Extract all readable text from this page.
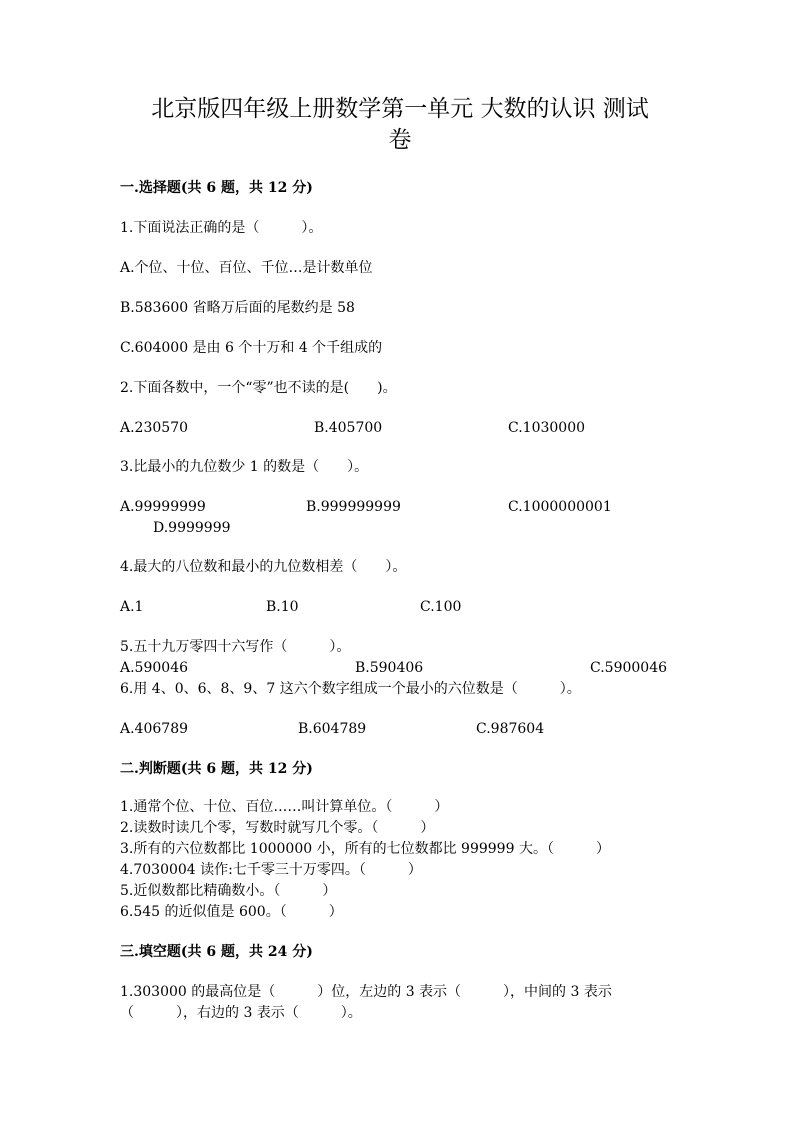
北京版四年级上册数学第一单元 大数的认识 测试
卷
一.选择题(共 6 题，共 12 分)
1.下面说法正确的是（　　　）。
A.个位、十位、百位、千位…是计数单位
B.583600 省略万后面的尾数约是 58
C.604000 是由 6 个十万和 4 个千组成的
2.下面各数中，一个“零”也不读的是(　　)。
A.230570	B.405700	C.1030000
3.比最小的九位数少 1 的数是（　　）。
A.99999999	B.999999999	C.1000000001
D.9999999
4.最大的八位数和最小的九位数相差（　　）。
A.1	B.10	C.100
5.五十九万零四十六写作（　　　）。
A.590046	B.590406	C.5900046
6.用 4、0、6、8、9、7 这六个数字组成一个最小的六位数是（　　　）。
A.406789	B.604789	C.987604
二.判断题(共 6 题，共 12 分)
1.通常个位、十位、百位……叫计算单位。（　　　）
2.读数时读几个零，写数时就写几个零。（　　　）
3.所有的六位数都比 1000000 小，所有的七位数都比 999999 大。（　　　）
4.7030004 读作:七千零三十万零四。（　　　）
5.近似数都比精确数小。（　　　）
6.545 的近似值是 600。（　　　）
三.填空题(共 6 题，共 24 分)
1.303000 的最高位是（　　　）位，左边的 3 表示（　　　），中间的 3 表示
（　　　），右边的 3 表示（　　　）。
